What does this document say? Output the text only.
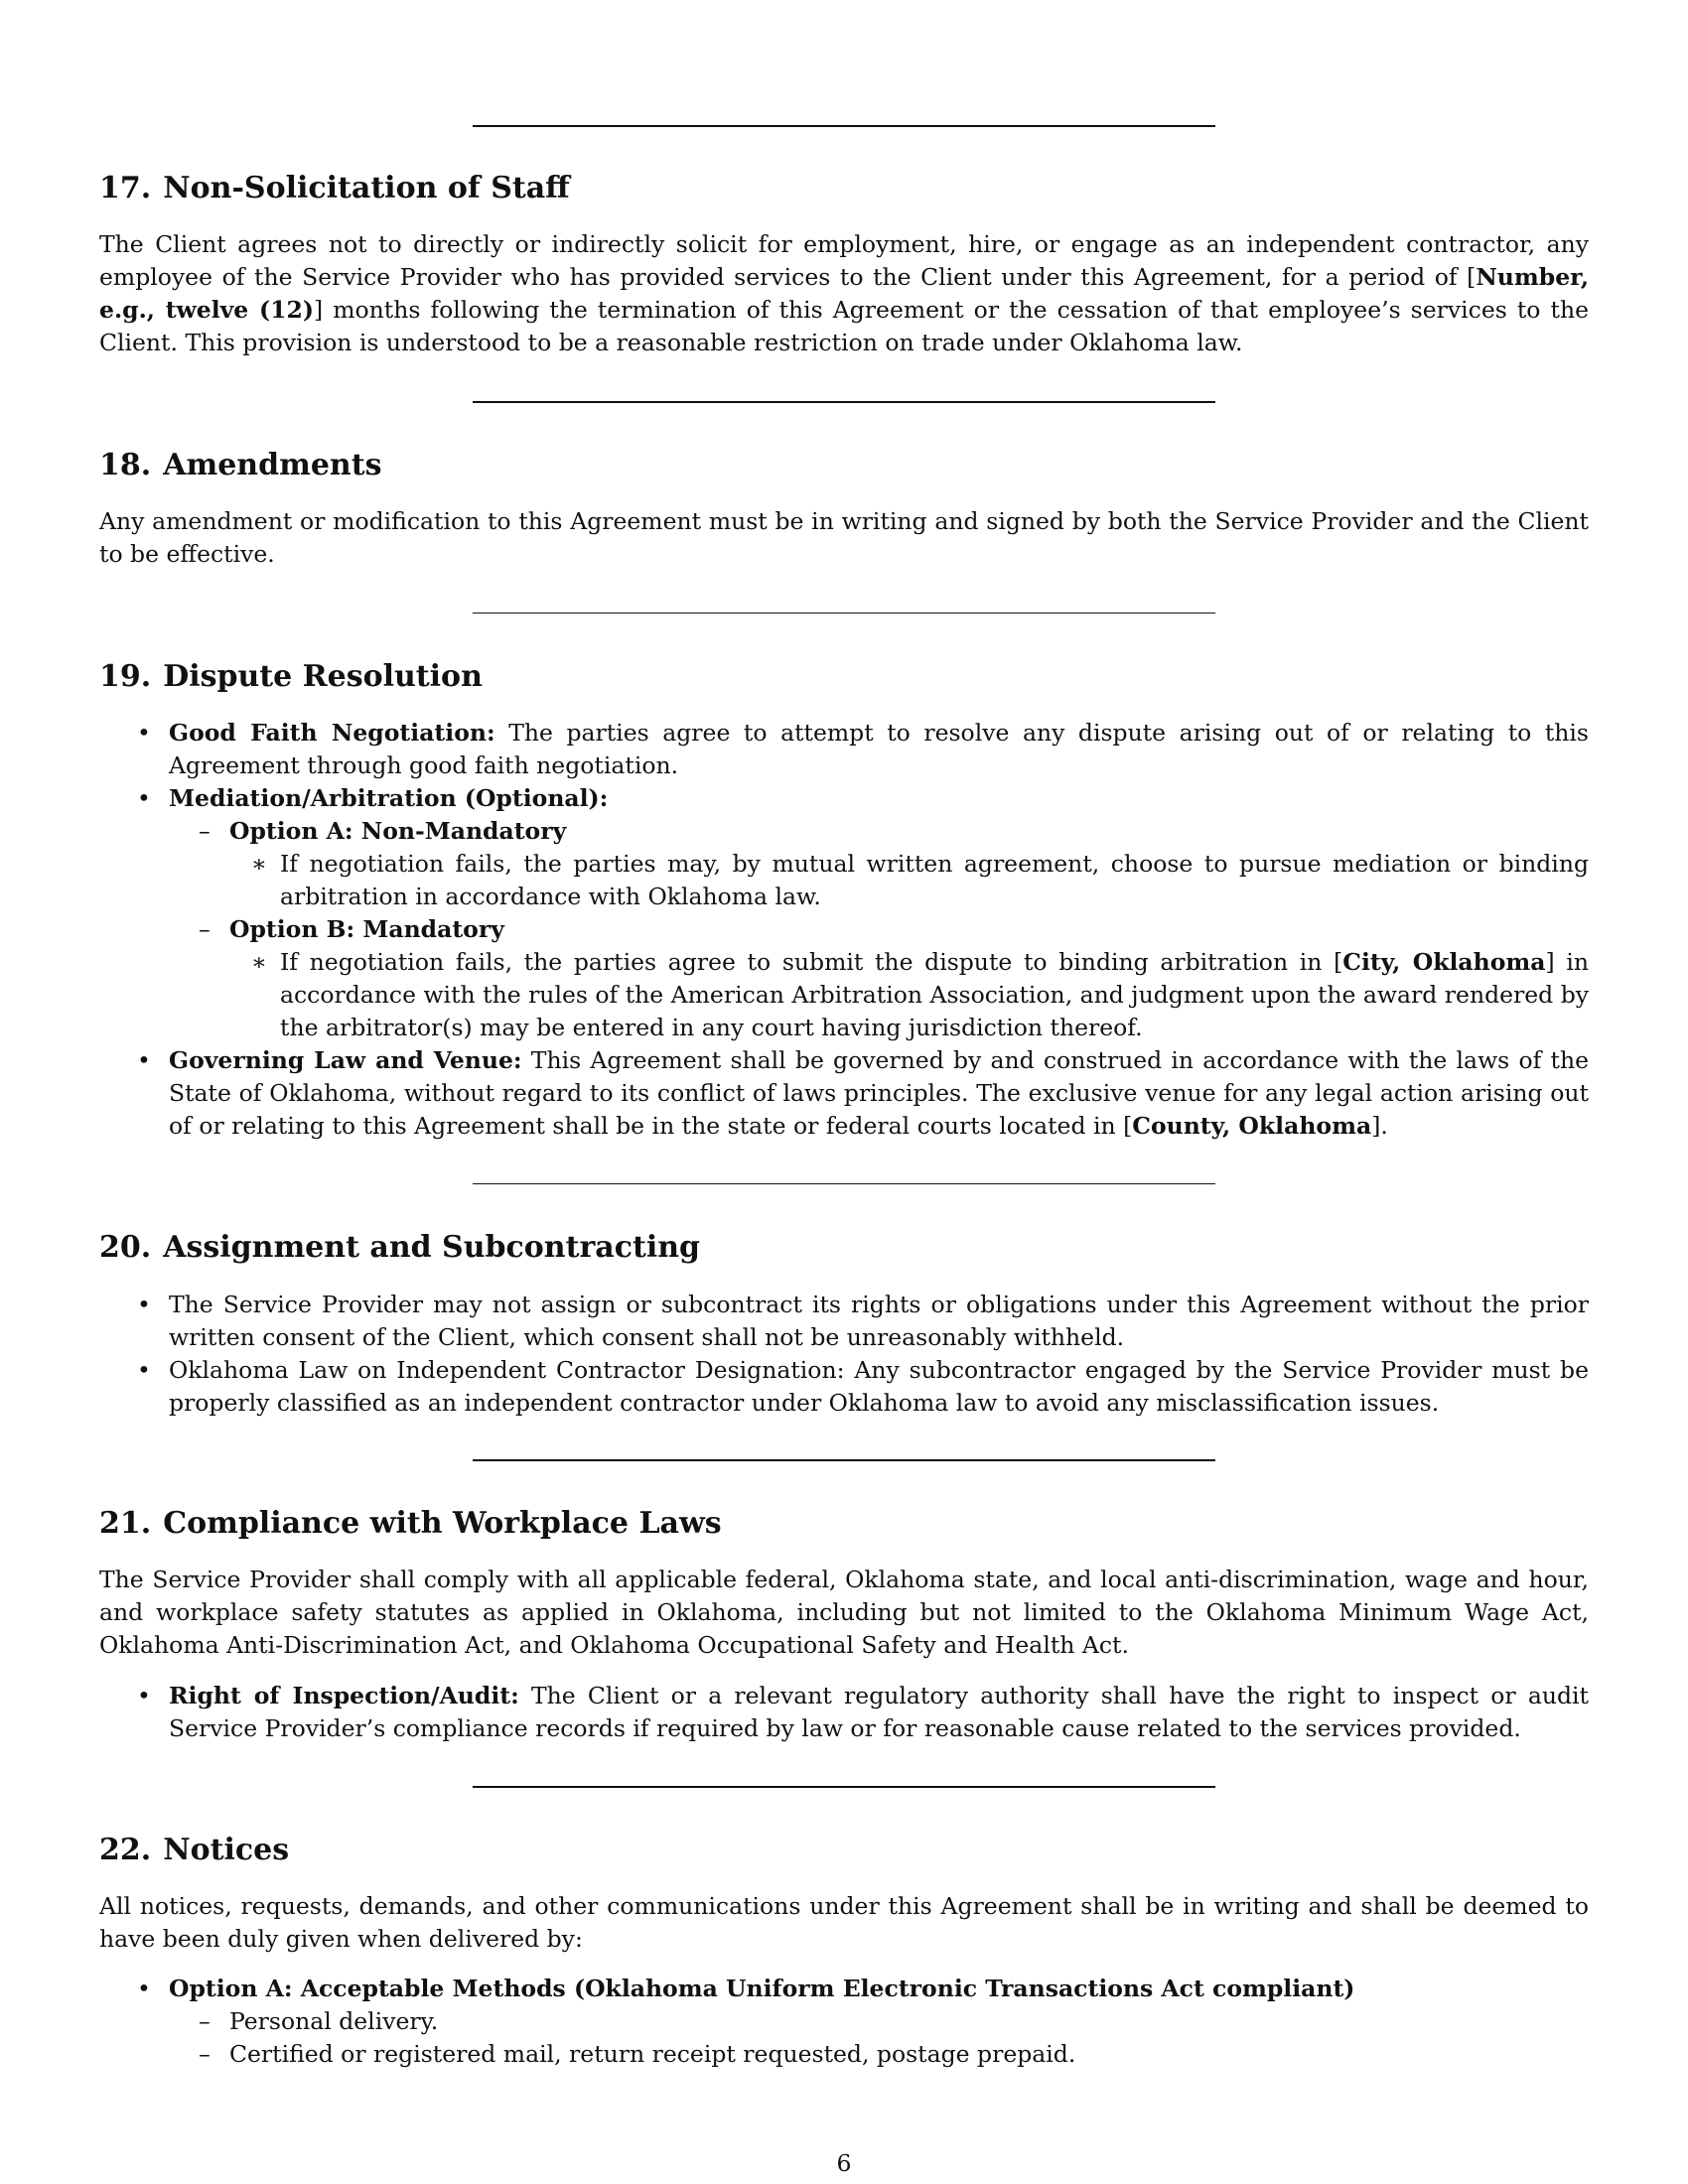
17. Non-Solicitation of Staff

The Client agrees not to directly or indirectly solicit for employment, hire, or engage as an independent contractor, any employee of the Service Provider who has provided services to the Client under this Agreement, for a period of [Number, e.g., twelve (12)] months following the termination of this Agreement or the cessation of that employee’s services to the Client. This provision is understood to be a reasonable restriction on trade under Oklahoma law.

18. Amendments

Any amendment or modification to this Agreement must be in writing and signed by both the Service Provider and the Client to be effective.

19. Dispute Resolution
• Good Faith Negotiation: The parties agree to attempt to resolve any dispute arising out of or relating to this Agreement through good faith negotiation.

• Mediation/Arbitration (Optional):

– Option A: Non-Mandatory

∗ If negotiation fails, the parties may, by mutual written agreement, choose to pursue mediation or binding arbitration in accordance with Oklahoma law.

– Option B: Mandatory

∗ If negotiation fails, the parties agree to submit the dispute to binding arbitration in [City, Oklahoma] in accordance with the rules of the American Arbitration Association, and judgment upon the award rendered by the arbitrator(s) may be entered in any court having jurisdiction thereof.

• Governing Law and Venue: This Agreement shall be governed by and construed in accordance with the laws of the State of Oklahoma, without regard to its conflict of laws principles. The exclusive venue for any legal action arising out of or relating to this Agreement shall be in the state or federal courts located in [County, Oklahoma].

20. Assignment and Subcontracting
• The Service Provider may not assign or subcontract its rights or obligations under this Agreement without the prior written consent of the Client, which consent shall not be unreasonably withheld.

• Oklahoma Law on Independent Contractor Designation: Any subcontractor engaged by the Service Provider must be properly classified as an independent contractor under Oklahoma law to avoid any misclassification issues.

21. Compliance with Workplace Laws

The Service Provider shall comply with all applicable federal, Oklahoma state, and local anti-discrimination, wage and hour, and workplace safety statutes as applied in Oklahoma, including but not limited to the Oklahoma Minimum Wage Act, Oklahoma Anti-Discrimination Act, and Oklahoma Occupational Safety and Health Act.

• Right of Inspection/Audit: The Client or a relevant regulatory authority shall have the right to inspect or audit Service Provider’s compliance records if required by law or for reasonable cause related to the services provided.

22. Notices

All notices, requests, demands, and other communications under this Agreement shall be in writing and shall be deemed to have been duly given when delivered by:

• Option A: Acceptable Methods (Oklahoma Uniform Electronic Transactions Act compliant)

– Personal delivery.

– Certified or registered mail, return receipt requested, postage prepaid.

6
